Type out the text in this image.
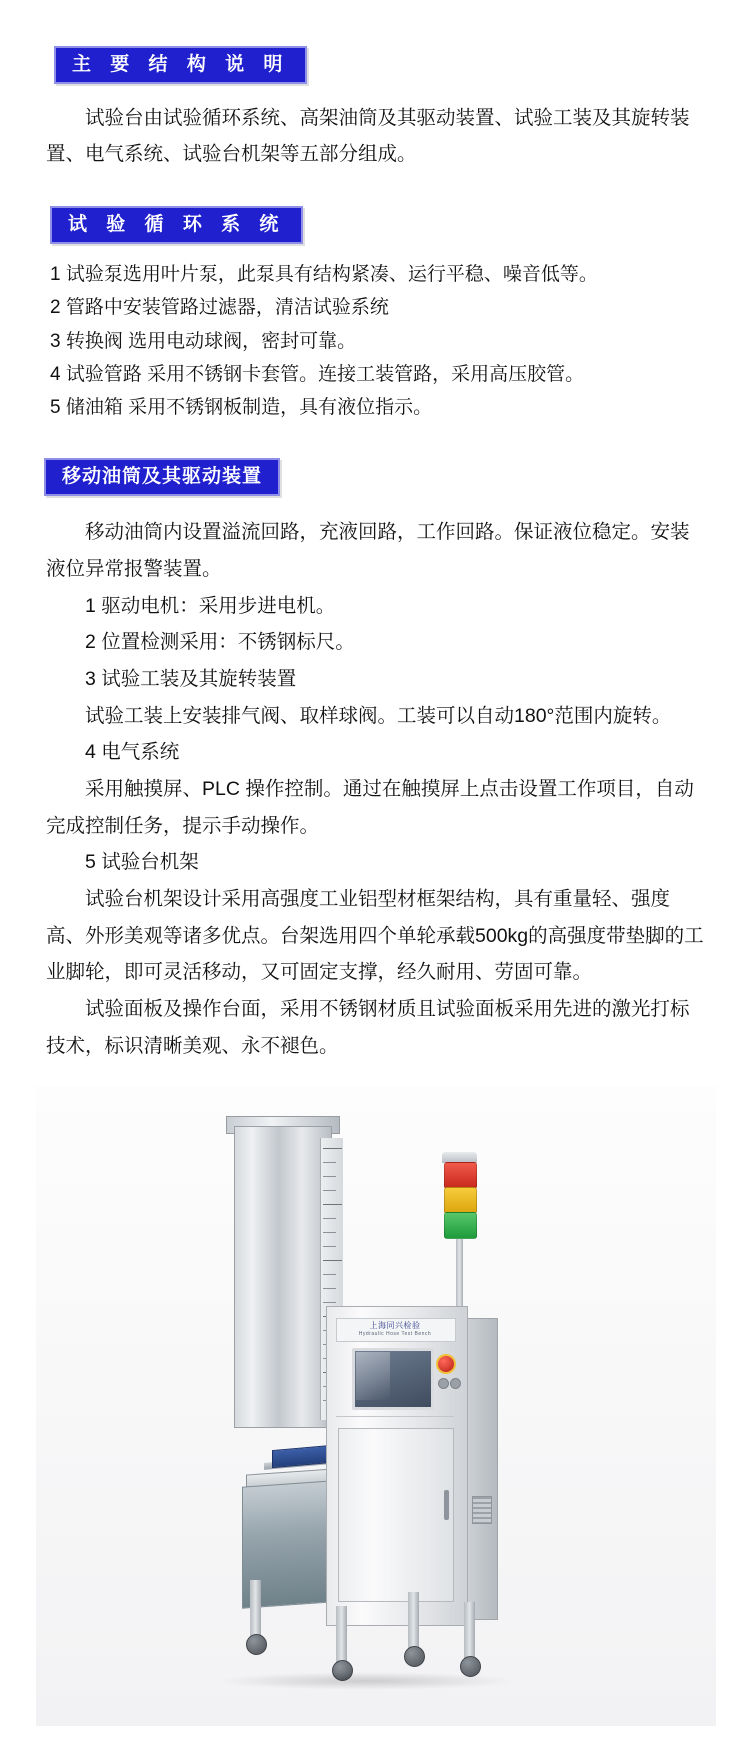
主 要 结 构 说 明

试验台由试验循环系统、高架油筒及其驱动装置、试验工装及其旋转装置、电气系统、试验台机架等五部分组成。

试 验 循 环 系 统

1 试验泵选用叶片泵，此泵具有结构紧凑、运行平稳、噪音低等。

2 管路中安装管路过滤器，清洁试验系统

3 转换阀 选用电动球阀，密封可靠。

4 试验管路 采用不锈钢卡套管。连接工装管路，采用高压胶管。

5 储油箱 采用不锈钢板制造，具有液位指示。

移动油筒及其驱动装置

移动油筒内设置溢流回路，充液回路，工作回路。保证液位稳定。安装液位异常报警装置。

1 驱动电机：采用步进电机。

2 位置检测采用：不锈钢标尺。

3 试验工装及其旋转装置

试验工装上安装排气阀、取样球阀。工装可以自动180°范围内旋转。

4 电气系统

采用触摸屏、PLC 操作控制。通过在触摸屏上点击设置工作项目，自动完成控制任务，提示手动操作。

5 试验台机架

试验台机架设计采用高强度工业铝型材框架结构，具有重量轻、强度高、外形美观等诸多优点。台架选用四个单轮承载500kg的高强度带垫脚的工业脚轮，即可灵活移动，又可固定支撑，经久耐用、劳固可靠。

试验面板及操作台面，采用不锈钢材质且试验面板采用先进的激光打标技术，标识清晰美观、永不褪色。

上海同兴检验
Hydraulic Hose Test Bench
